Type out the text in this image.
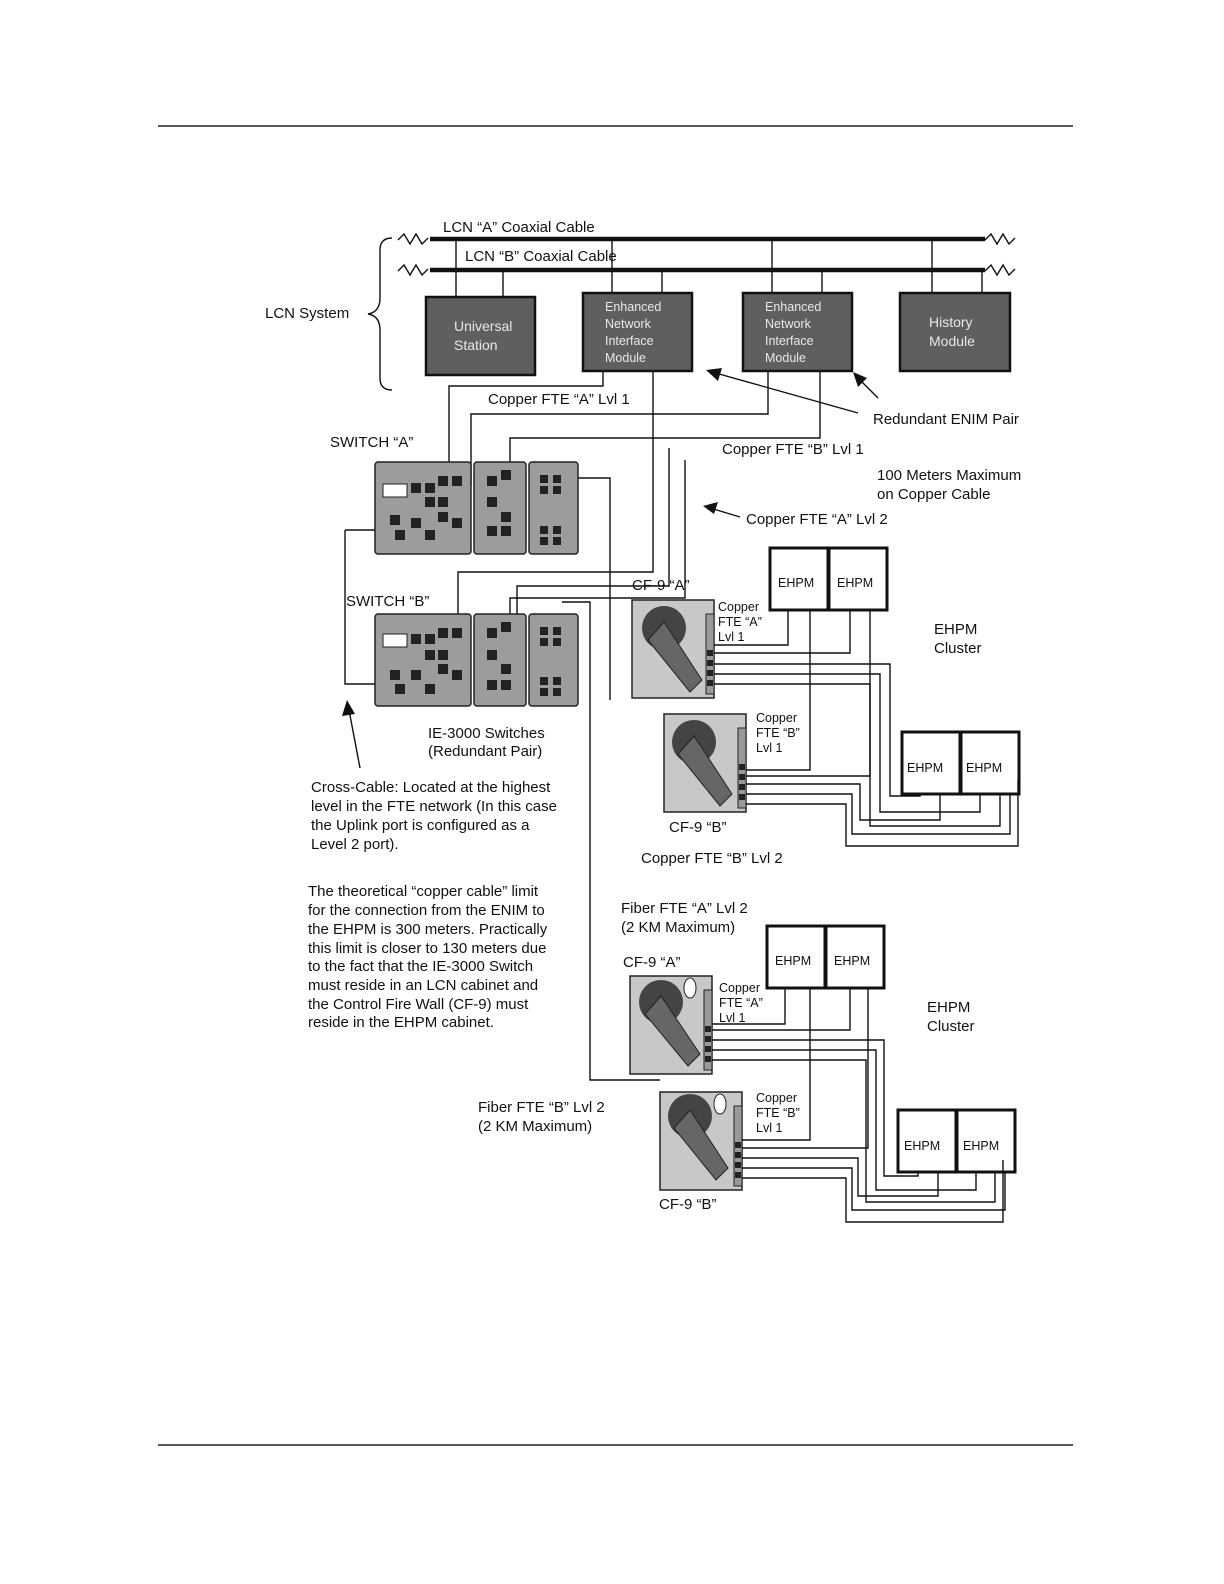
LCN “A” Coaxial Cable
LCN “B” Coaxial Cable
LCN System
Universal
Station
Enhanced
Network
Interface
Module
Enhanced
Network
Interface
Module
History
Module
Redundant ENIM Pair
Copper FTE “A” Lvl 1
Copper FTE “B” Lvl 1
100 Meters Maximum
on Copper Cable
Copper FTE “A” Lvl 2
SWITCH “A”
SWITCH “B”
IE-3000 Switches
(Redundant Pair)
Cross-Cable: Located at the highest
level in the FTE network (In this case
the Uplink port is configured as a
Level 2 port).
The theoretical “copper cable” limit
for the connection from the ENIM to
the EHPM is 300 meters. Practically
this limit is closer to 130 meters due
to the fact that the IE-3000 Switch
must reside in an LCN cabinet and
the Control Fire Wall (CF-9) must
reside in the EHPM cabinet.
CF-9 “A”
Copper
FTE “A”
Lvl 1
CF-9 “B”
Copper
FTE “B”
Lvl 1
Copper FTE “B” Lvl 2
EHPM EHPM
EHPM EHPM
EHPM
Cluster
Fiber FTE “A” Lvl 2
(2 KM Maximum)
CF-9 “A”
Copper
FTE “A”
Lvl 1
Fiber FTE “B” Lvl 2
(2 KM Maximum)
CF-9 “B”
Copper
FTE “B”
Lvl 1
EHPM EHPM
EHPM EHPM
EHPM
Cluster
